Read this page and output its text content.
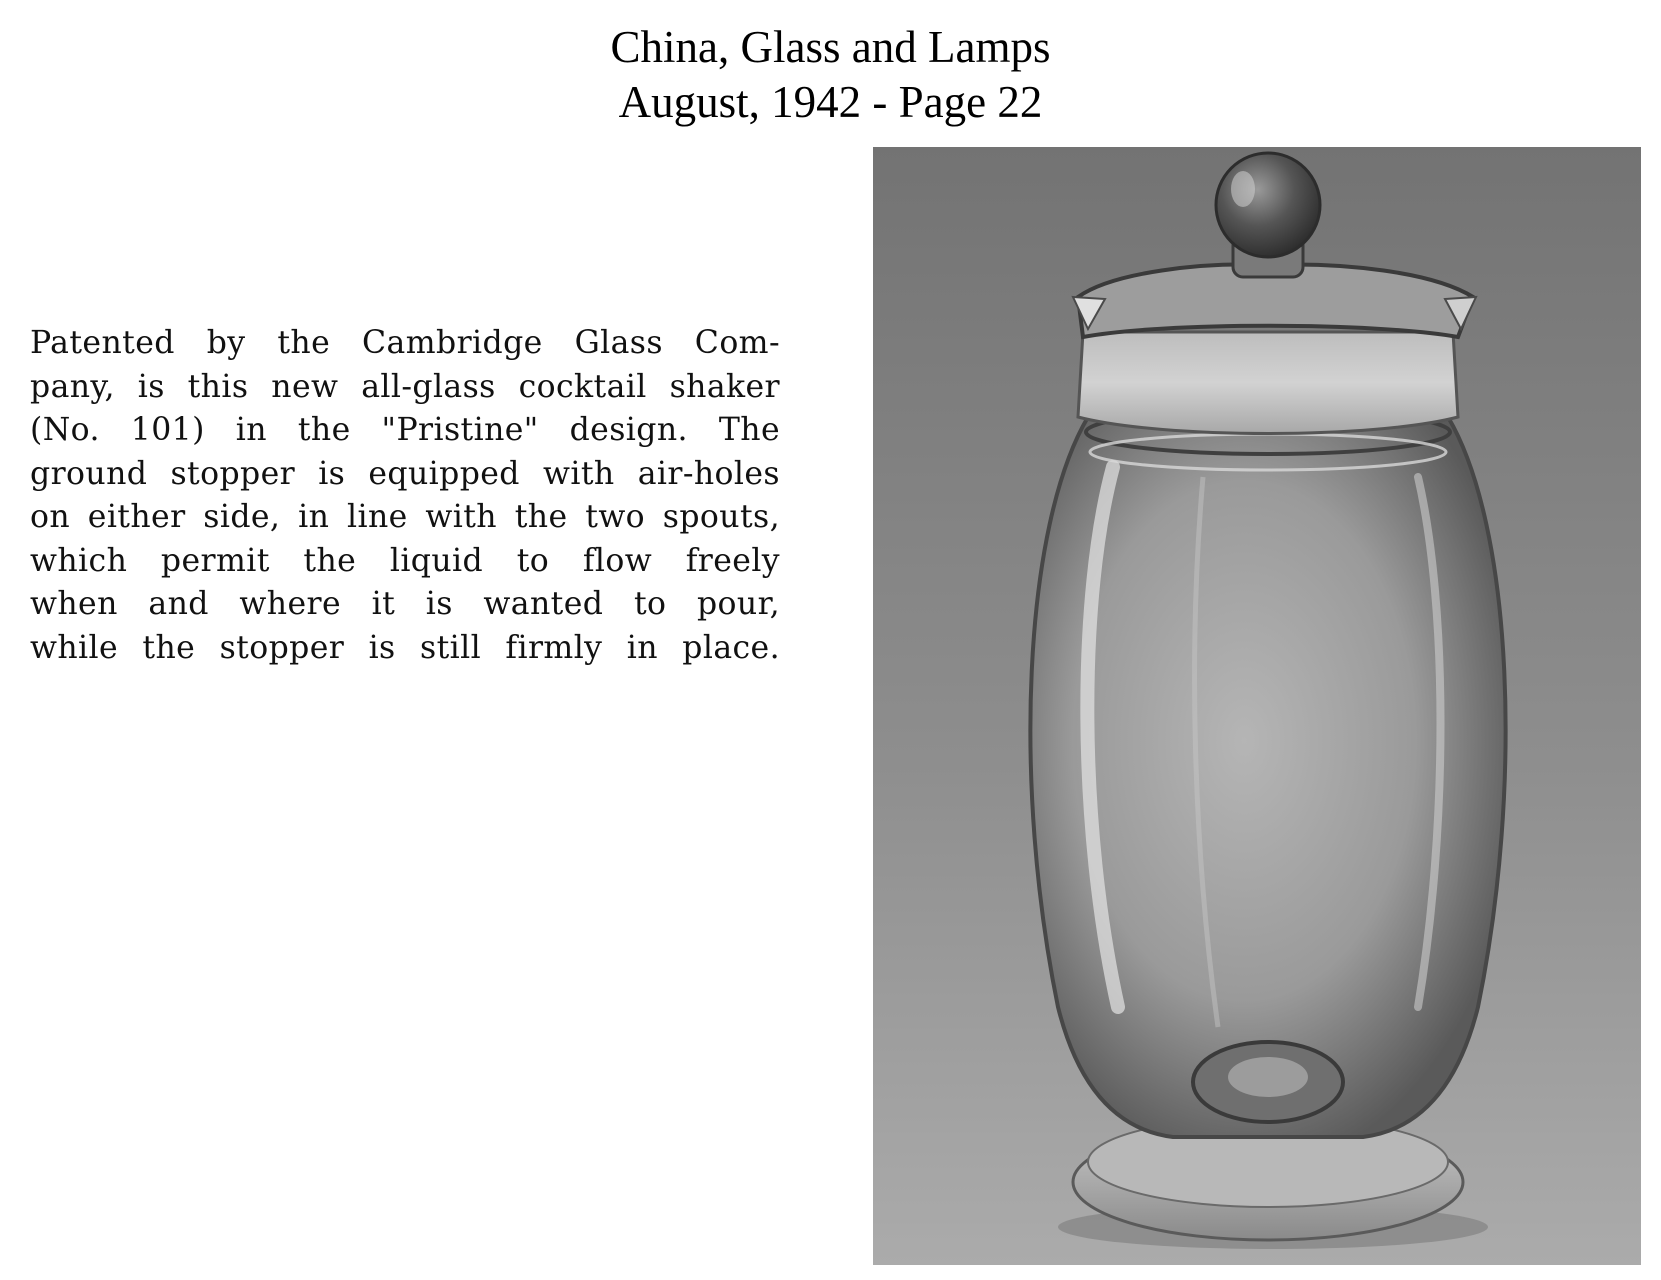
China, Glass and Lamps
August, 1942 - Page 22
Patented by the Cambridge Glass Com-
pany, is this new all-glass cocktail shaker
(No. 101) in the "Pristine" design. The
ground stopper is equipped with air-holes
on either side, in line with the two spouts,
which permit the liquid to flow freely
when and where it is wanted to pour,
while the stopper is still firmly in place.
